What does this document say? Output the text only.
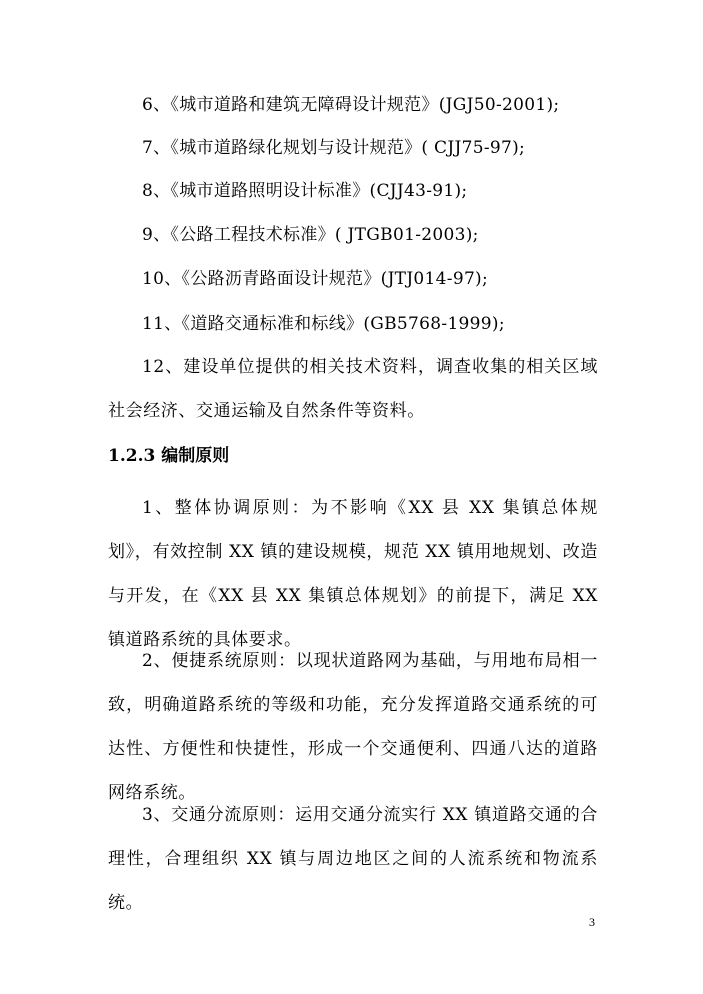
6、《城市道路和建筑无障碍设计规范》(JGJ50-2001);
7、《城市道路绿化规划与设计规范》( CJJ75-97);
8、《城市道路照明设计标准》(CJJ43-91);
9、《公路工程技术标准》( JTGB01-2003);
10、《公路沥青路面设计规范》(JTJ014-97);
11、《道路交通标准和标线》(GB5768-1999);
12、建设单位提供的相关技术资料，调查收集的相关区域社会经济、交通运输及自然条件等资料。
1.2.3 编制原则
1、整体协调原则：为不影响《XX 县 XX 集镇总体规划》，有效控制 XX 镇的建设规模，规范 XX 镇用地规划、改造与开发，在《XX 县 XX 集镇总体规划》的前提下，满足 XX 镇道路系统的具体要求。
2、便捷系统原则：以现状道路网为基础，与用地布局相一致，明确道路系统的等级和功能，充分发挥道路交通系统的可达性、方便性和快捷性，形成一个交通便利、四通八达的道路网络系统。
3、交通分流原则：运用交通分流实行 XX 镇道路交通的合理性，合理组织 XX 镇与周边地区之间的人流系统和物流系统。
3
